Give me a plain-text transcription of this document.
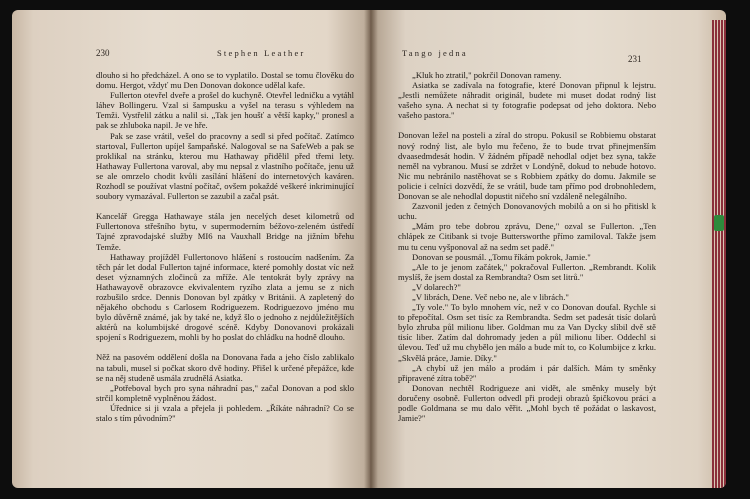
230	Stephen Leather

dlouho si ho předcházel. A ono se to vyplatilo. Dostal se tomu člověku do domu. Hergot, vždyť mu Den Donovan dokonce udělal kafe.

Fullerton otevřel dveře a prošel do kuchyně. Otevřel ledničku a vytáhl láhev Bollingeru. Vzal si šampusku a vyšel na terasu s výhledem na Temži. Vystřelil zátku a nalil si. „Tak jen houšť a větší kapky," pronesl a pak se zhluboka napil. Je ve hře.

Pak se zase vrátil, vešel do pracovny a sedl si před počítač. Zatímco startoval, Fullerton upíjel šampaňské. Nalogoval se na SafeWeb a pak se proklikal na stránku, kterou mu Hathaway přidělil před třemi lety. Hathaway Fullertona varoval, aby mu nepsal z vlastního počítače, jenu už se ale omrzelo chodit kvůli zasílání hlášení do internetových kaváren. Rozhodl se používat vlastní počítač, ovšem pokaždé veškeré inkriminující soubory vymazával. Fullerton se zazubil a začal psát.

Kancelář Gregga Hathawaye stála jen necelých deset kilometrů od Fullertonova střešního bytu, v supermoderním béžovo-zeleném ústředí Tajné zpravodajské služby MI6 na Vauxhall Bridge na jižním břehu Temže.

Hathaway projížděl Fullertonovo hlášení s rostoucím nadšením. Za těch pár let dodal Fullerton tajné informace, které pomohly dostat víc než deset významných zločinců za mříže. Ale tentokrát byly zprávy na Hathawayově obrazovce ekvivalentem ryzího zlata a jemu se z nich rozbušilo srdce. Dennis Donovan byl zpátky v Británii. A zapletený do nějakého obchodu s Carlosem Rodriguezem. Rodriguezovo jméno mu bylo důvěrně známé, jak by také ne, když šlo o jednoho z nejdůležitějších aktérů na kolumbijské drogové scéně. Kdyby Donovanovi prokázali spojení s Rodriguezem, mohli by ho poslat do chládku na hodně dlouho.

Něž na pasovém oddělení došla na Donovana řada a jeho číslo zablikalo na tabuli, musel si počkat skoro dvě hodiny. Přišel k určené přepážce, kde se na něj studeně usmála zrudnělá Asiatka.

„Potřeboval bych pro syna náhradní pas," začal Donovan a pod sklo strčil kompletně vyplněnou žádost.

Úřednice si ji vzala a přejela ji pohledem. „Říkáte náhradní? Co se stalo s tím původním?"

Tango jedna
231

„Kluk ho ztratil," pokrčil Donovan rameny.

Asiatka se zadívala na fotografie, které Donovan připnul k lejstru. „Jestli nemůžete náhradit originál, budete mi muset dodat rodný list vašeho syna. A nechat si ty fotografie podepsat od jeho doktora. Nebo vašeho pastora."

Donovan ležel na posteli a zíral do stropu. Pokusil se Robbiemu obstarat nový rodný list, ale bylo mu řečeno, že to bude trvat přinejmenším dvaasedmdesát hodin. V žádném případě nehodlal odjet bez syna, takže neměl na vybranou. Musí se zdržet v Londýně, dokud to nebude hotovo. Nic mu nebránilo nastěhovat se s Robbiem zpátky do domu. Jakmile se policie i celníci dozvědí, že se vrátil, bude tam přímo pod drobnohledem, Donovan se ale nehodlal dopustit ničeho sní vzdáleně nelegálního.

Zazvonil jeden z četných Donovanových mobilů a on si ho přitiskl k uchu.

„Mám pro tebe dobrou zprávu, Dene," ozval se Fullerton. „Ten chlápek ze Citibank si tvoje Buttersworthe přímo zamiloval. Takže jsem mu tu cenu vyšponoval až na sedm set padě."

Donovan se pousmál. „Tomu říkám pokrok, Jamie."

„Ale to je jenom začátek," pokračoval Fullerton. „Rembrandt. Kolik myslíš, že jsem dostal za Rembrandta? Osm set litrů."

„V dolarech?"

„V librách, Dene. Več nebo ne, ale v librách."

„Ty vole." To bylo mnohem víc, než v co Donovan doufal. Rychle si to přepočítal. Osm set tisíc za Rembrandta. Sedm set padesát tisíc dolarů bylo zhruba půl milionu liber. Goldman mu za Van Dycky slíbil dvě stě tisíc liber. Zatím dal dohromady jeden a půl milionu liber. Oddechl si úlevou. Teď už mu chybělo jen málo a bude mít to, co Kolumbijce z krku. „Skvělá práce, Jamie. Díky."

„A chybí už jen málo a prodám i pár dalších. Mám ty směnky připravené zítra tobě?"

Donovan nechtěl Rodrigueze ani vidět, ale směnky musely být doručeny osobně. Fullerton odvedl při prodeji obrazů špičkovou práci a podle Goldmana se mu dalo věřit. „Mohl bych tě požádat o laskavost, Jamie?"
